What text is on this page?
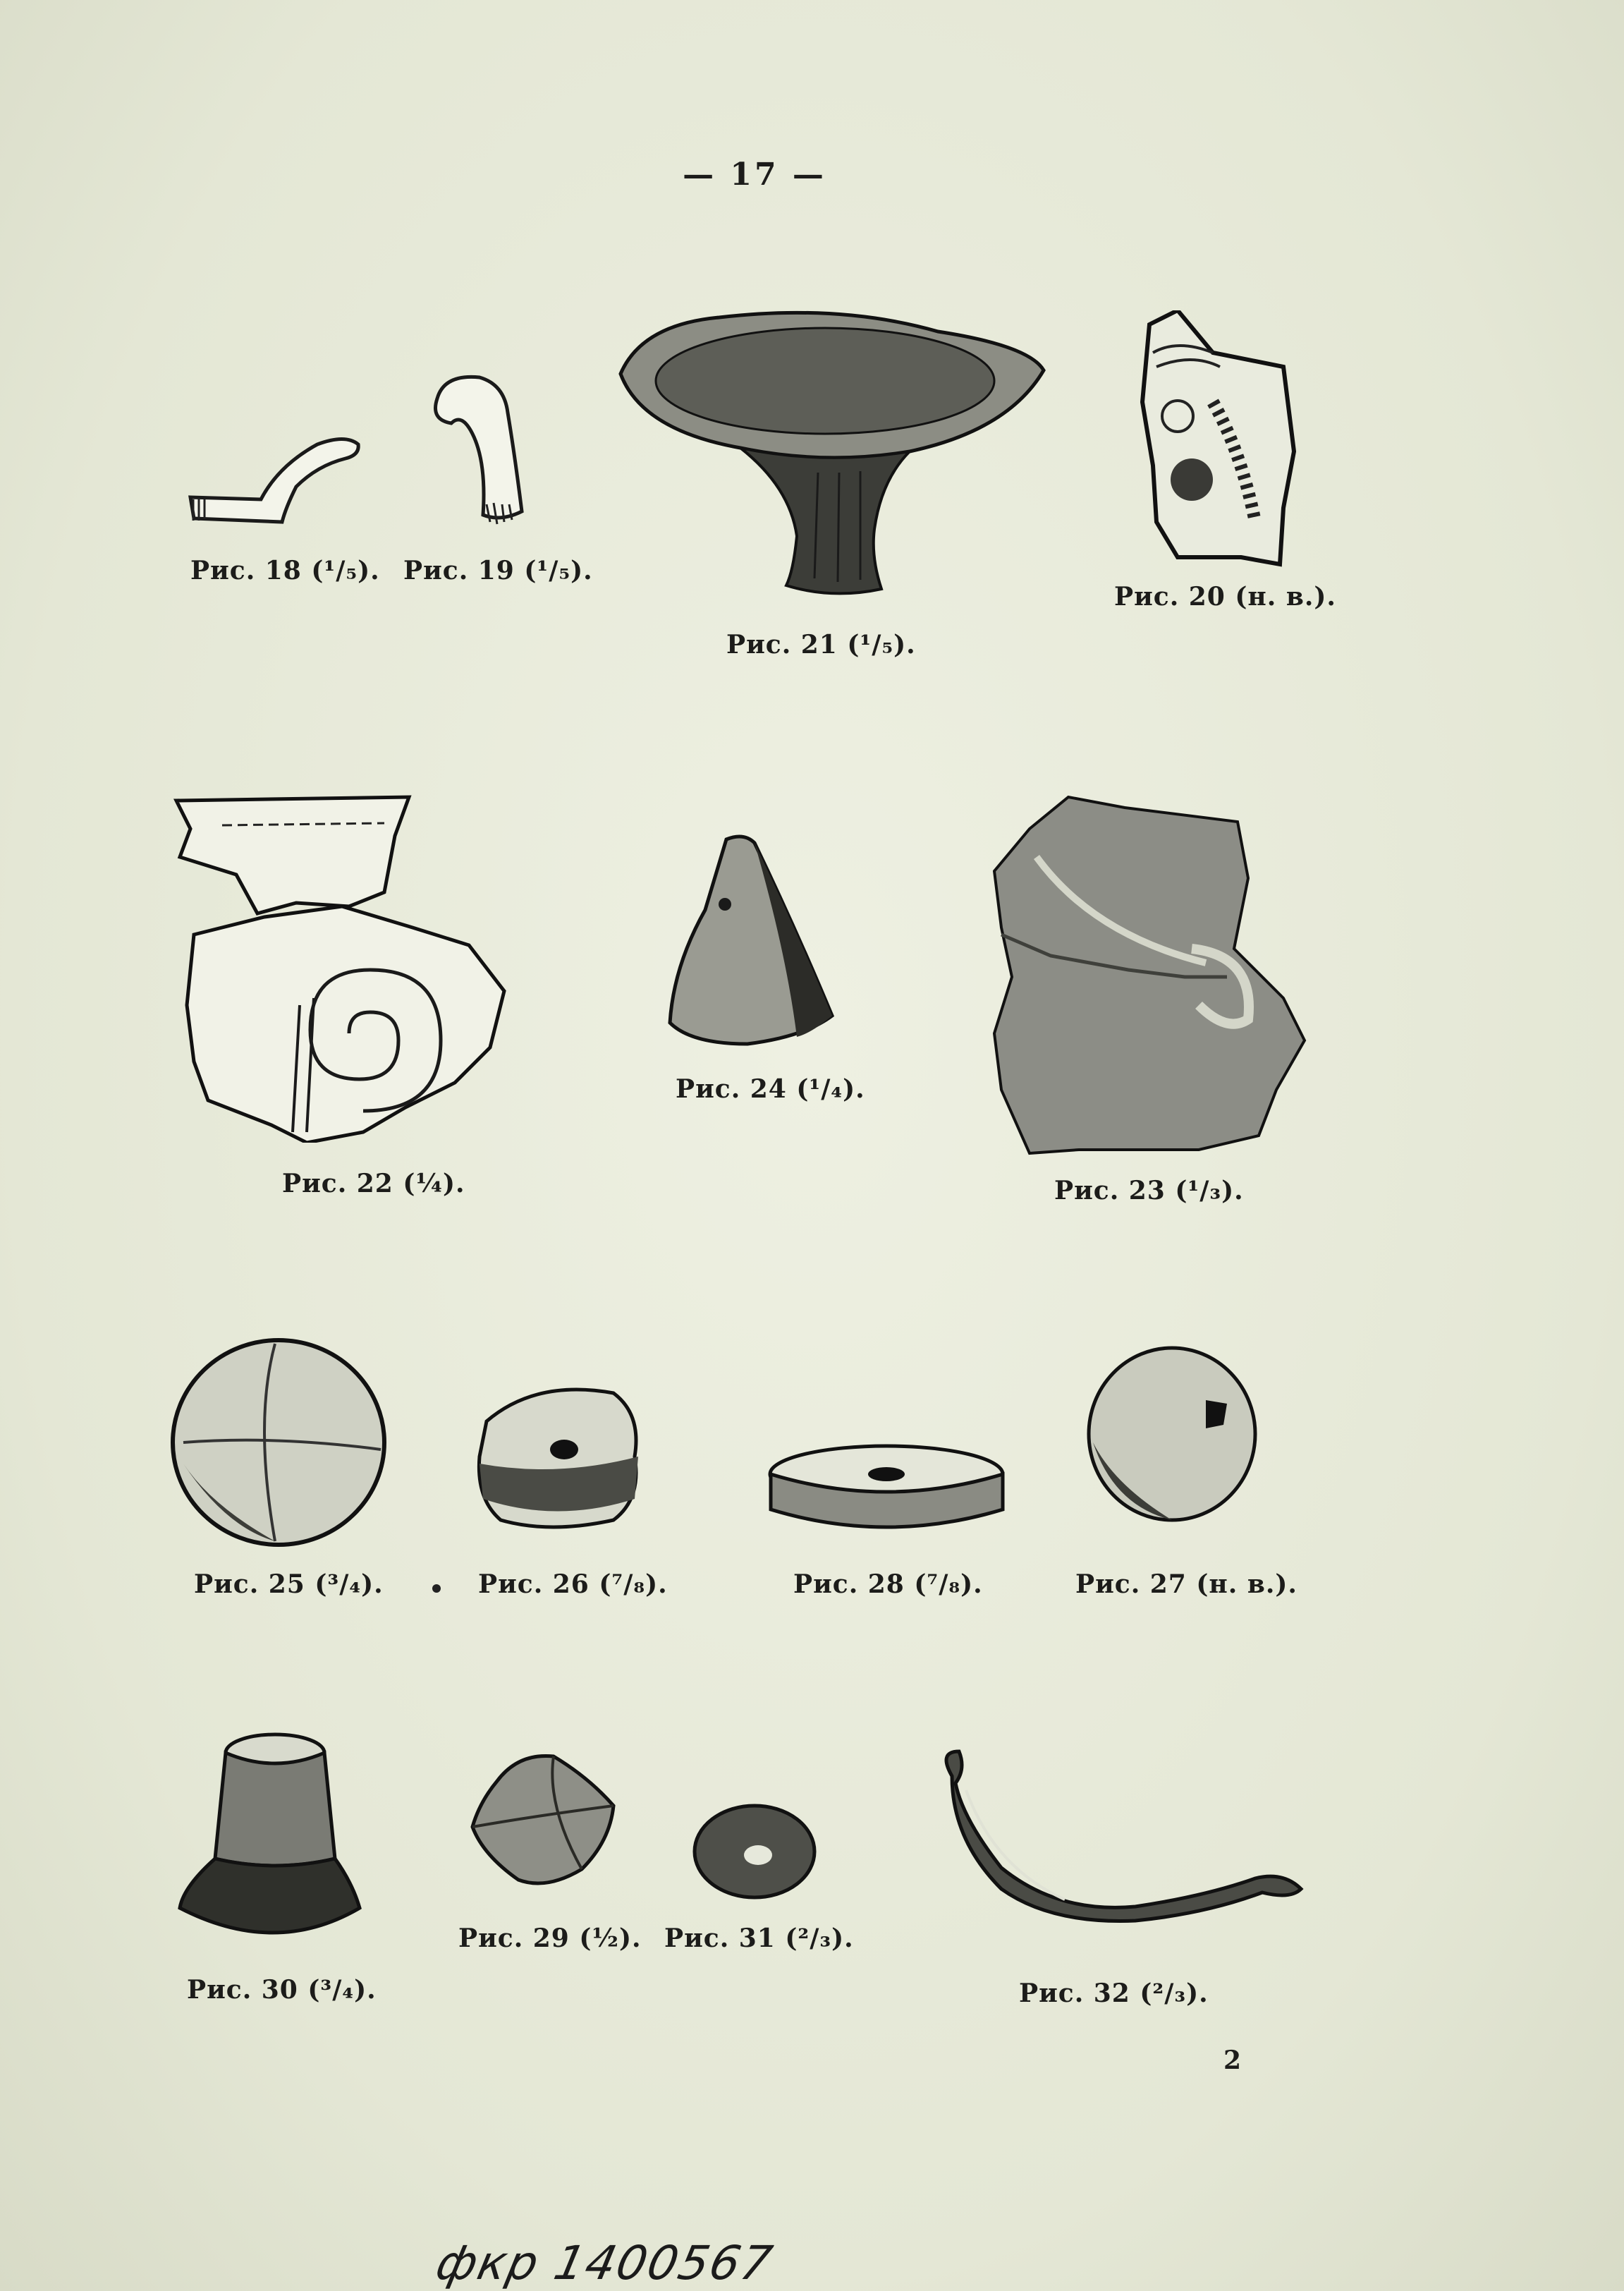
— 17 —
Рис. 18 (¹/₅). Рис. 19 (¹/₅).
Рис. 21 (¹/₅).
Рис. 20 (н. в.).
Рис. 22 (¼).
Рис. 24 (¹/₄).
Рис. 23 (¹/₃).
Рис. 25 (³/₄).	Рис. 26 (⁷/₈).	Рис. 28 (⁷/₈).	Рис. 27 (н. в.).
Рис. 30 (³/₄).
Рис. 29 (½). Рис. 31 (²/₃).
Рис. 32 (²/₃).
2
фкр 1400567
